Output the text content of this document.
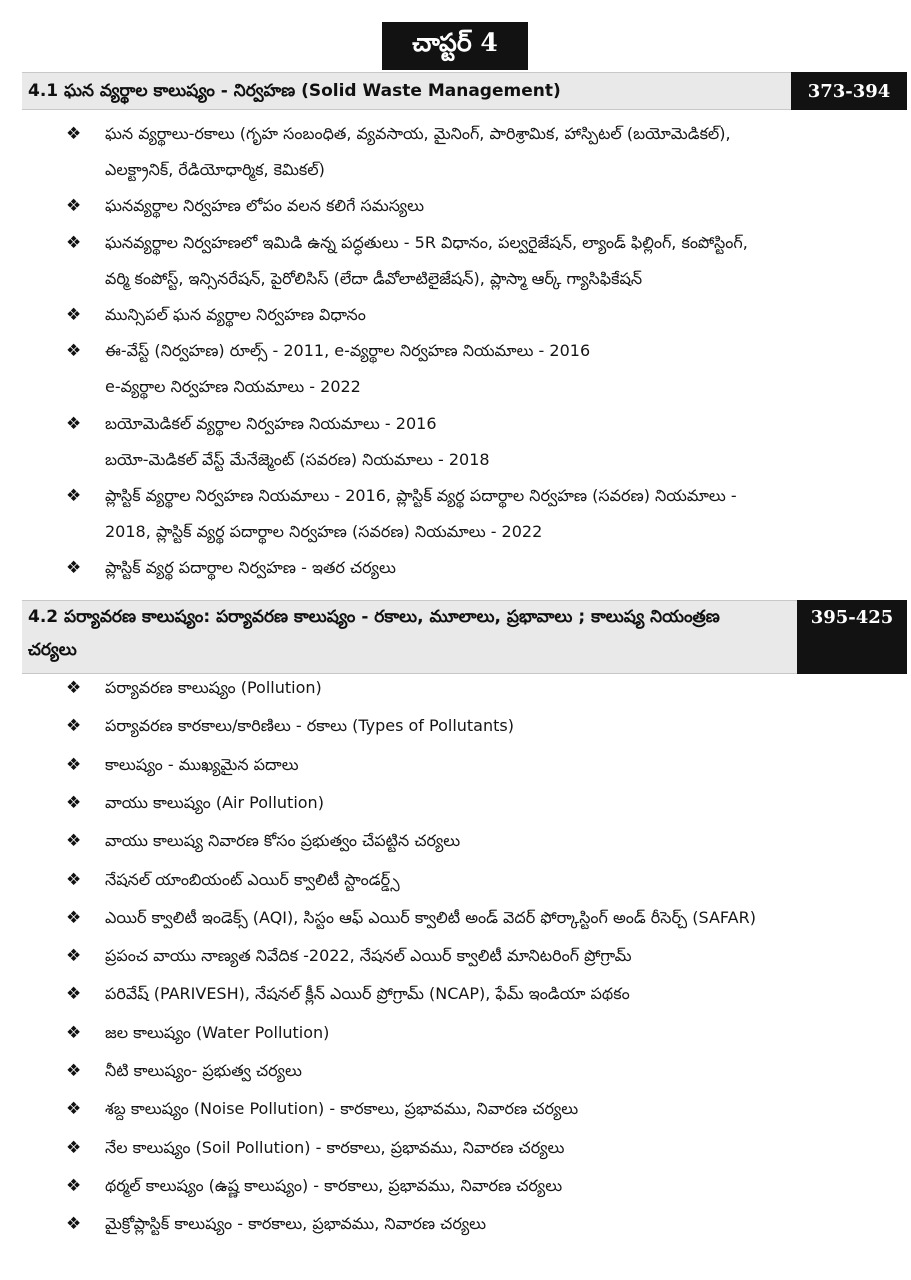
చాప్టర్ 4
4.1 ఘన వ్యర్థాల కాలుష్యం - నిర్వహణ (Solid Waste Management)	373-394
❖ ఘన వ్యర్థాలు-రకాలు (గృహ సంబంధిత, వ్యవసాయ, మైనింగ్, పారిశ్రామిక, హాస్పిటల్ (బయోమెడికల్),
ఎలక్ట్రానిక్, రేడియోధార్మిక, కెమికల్)
❖ ఘనవ్యర్థాల నిర్వహణ లోపం వలన కలిగే సమస్యలు
❖ ఘనవ్యర్థాల నిర్వహణలో ఇమిడి ఉన్న పద్ధతులు - 5R విధానం, పల్వరైజేషన్, ల్యాండ్ ఫిల్లింగ్, కంపోస్టింగ్,
వర్మి కంపోస్ట్, ఇన్సినరేషన్, పైరోలిసిస్ (లేదా డీవోలాటిలైజేషన్), ప్లాస్మా ఆర్క్ గ్యాసిఫికేషన్
❖ మున్సిపల్ ఘన వ్యర్థాల నిర్వహణ విధానం
❖ ఈ-వేస్ట్ (నిర్వహణ) రూల్స్ - 2011, e-వ్యర్థాల నిర్వహణ నియమాలు - 2016
e-వ్యర్థాల నిర్వహణ నియమాలు - 2022
❖ బయోమెడికల్ వ్యర్థాల నిర్వహణ నియమాలు - 2016
బయో-మెడికల్ వేస్ట్ మేనేజ్మెంట్ (సవరణ) నియమాలు - 2018
❖ ప్లాస్టిక్ వ్యర్థాల నిర్వహణ నియమాలు - 2016, ప్లాస్టిక్ వ్యర్థ పదార్థాల నిర్వహణ (సవరణ) నియమాలు -
2018, ప్లాస్టిక్ వ్యర్థ పదార్థాల నిర్వహణ (సవరణ) నియమాలు - 2022
❖ ప్లాస్టిక్ వ్యర్థ పదార్థాల నిర్వహణ - ఇతర చర్యలు
4.2 పర్యావరణ కాలుష్యం: పర్యావరణ కాలుష్యం - రకాలు, మూలాలు, ప్రభావాలు ; కాలుష్య నియంత్రణ చర్యలు
395-425
❖ పర్యావరణ కాలుష్యం (Pollution)
❖ పర్యావరణ కారకాలు/కారిణిలు - రకాలు (Types of Pollutants)
❖ కాలుష్యం - ముఖ్యమైన పదాలు
❖ వాయు కాలుష్యం (Air Pollution)
❖ వాయు కాలుష్య నివారణ కోసం ప్రభుత్వం చేపట్టిన చర్యలు
❖ నేషనల్ యాంబియంట్ ఎయిర్ క్వాలిటీ స్టాండర్డ్స్
❖ ఎయిర్ క్వాలిటీ ఇండెక్స్ (AQI), సిస్టం ఆఫ్ ఎయిర్ క్వాలిటీ అండ్ వెదర్ ఫోర్కాస్టింగ్ అండ్ రీసెర్చ్ (SAFAR)
❖ ప్రపంచ వాయు నాణ్యత నివేదిక -2022, నేషనల్ ఎయిర్ క్వాలిటీ మానిటరింగ్ ప్రోగ్రామ్
❖ పరివేష్ (PARIVESH), నేషనల్ క్లీన్ ఎయిర్ ప్రోగ్రామ్ (NCAP), ఫేమ్ ఇండియా పథకం
❖ జల కాలుష్యం (Water Pollution)
❖ నీటి కాలుష్యం- ప్రభుత్వ చర్యలు
❖ శబ్ద కాలుష్యం (Noise Pollution) - కారకాలు, ప్రభావము, నివారణ చర్యలు
❖ నేల కాలుష్యం (Soil Pollution) - కారకాలు, ప్రభావము, నివారణ చర్యలు
❖ థర్మల్ కాలుష్యం (ఉష్ణ కాలుష్యం) - కారకాలు, ప్రభావము, నివారణ చర్యలు
❖ మైక్రోప్లాస్టిక్ కాలుష్యం - కారకాలు, ప్రభావము, నివారణ చర్యలు
